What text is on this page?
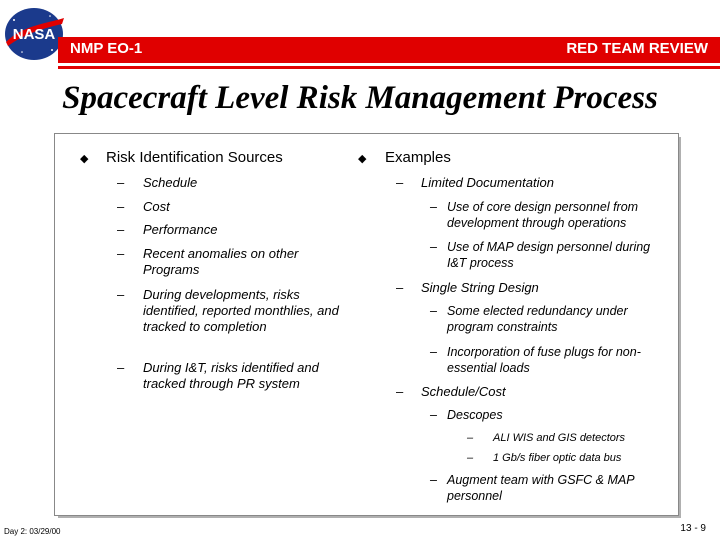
NASA
NMP EO-1	RED TEAM REVIEW
Spacecraft Level Risk Management Process
◆ Risk Identification Sources
– Schedule
– Cost
– Performance
– Recent anomalies on other Programs
– During developments, risks identified, reported monthlies, and tracked to completion
– During I&T, risks identified and tracked through PR system
◆ Examples
– Limited Documentation
– Use of core design personnel from development through operations
– Use of MAP design personnel during I&T process
– Single String Design
– Some elected redundancy under program constraints
– Incorporation of fuse plugs for non-essential loads
– Schedule/Cost
– Descopes
– ALI WIS and GIS detectors
– 1 Gb/s fiber optic data bus
– Augment team with GSFC & MAP personnel
Day 2: 03/29/00	13 - 9
